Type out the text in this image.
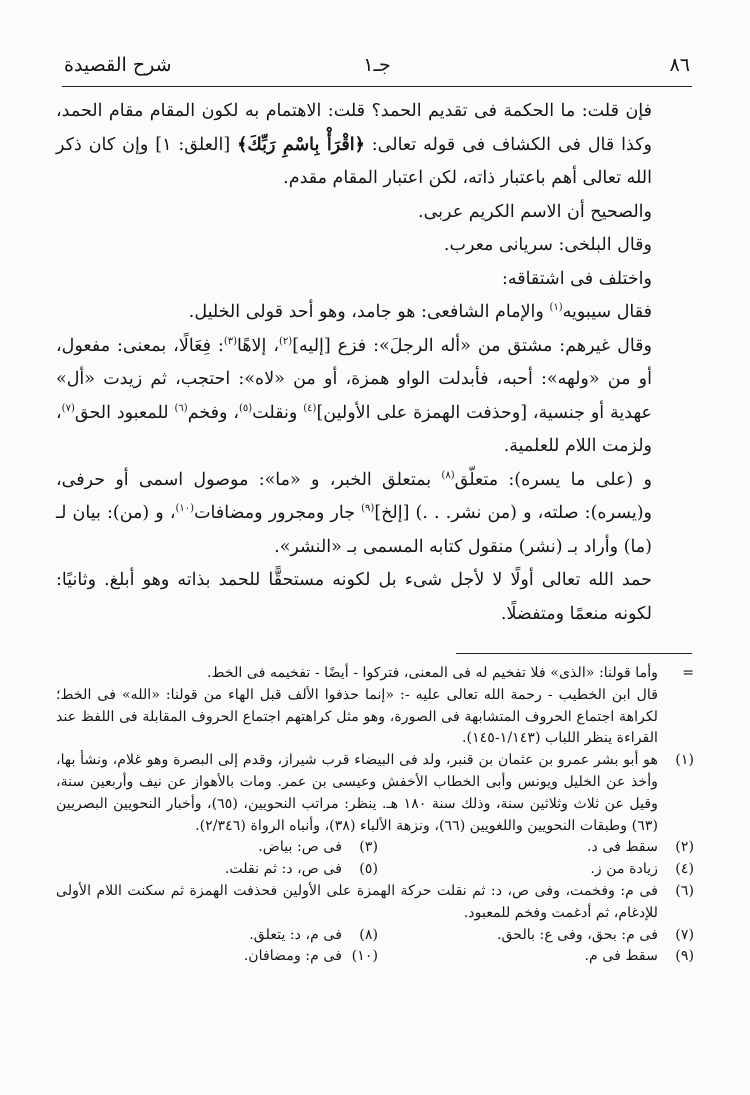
٨٦
جـ١
شرح القصيدة

فإن قلت: ما الحكمة فى تقديم الحمد؟ قلت: الاهتمام به لكون المقام مقام الحمد، وكذا قال فى الكشاف فى قوله تعالى: ﴿اقْرَأْ بِاسْمِ رَبِّكَ﴾ [العلق: ١] وإن كان ذكر الله تعالى أهم باعتبار ذاته، لكن اعتبار المقام مقدم.

والصحيح أن الاسم الكريم عربى.

وقال البلخى: سريانى معرب.

واختلف فى اشتقاقه:

فقال سيبويه$^{(١)}$ والإمام الشافعى: هو جامد، وهو أحد قولى الخليل.

وقال غيرهم: مشتق من «أله الرجلَ»: فزع [إليه]$^{(٢)}$، إلاهًا$^{(٣)}$: فِعَالًا، بمعنى: مفعول، أو من «ولهه»: أحبه، فأبدلت الواو همزة، أو من «لاه»: احتجب، ثم زيدت «أل» عهدية أو جنسية، [وحذفت الهمزة على الأولين]$^{(٤)}$ ونقلت$^{(٥)}$، وفخم$^{(٦)}$ للمعبود الحق$^{(٧)}$، ولزمت اللام للعلمية.

و (على ما يسره): متعلّق$^{(٨)}$ بمتعلق الخبر، و «ما»: موصول اسمى أو حرفى، و(يسره): صلته، و (من نشر. . .) [إلخ]$^{(٩)}$ جار ومجرور ومضافات$^{(١٠)}$، و (من): بيان لـ (ما) وأراد بـ (نشر) منقول كتابه المسمى بـ «النشر».

حمد الله تعالى أولًا لا لأجل شىء بل لكونه مستحقًّا للحمد بذاته وهو أبلغ. وثانيًا: لكونه منعمًا ومتفضلًا.

=
وأما قولنا: «الذى» فلا تفخيم له فى المعنى، فتركوا - أيضًا - تفخيمه فى الخط.
قال ابن الخطيب - رحمة الله تعالى عليه -: «إنما حذفوا الألف قبل الهاء من قولنا: «الله» فى الخط؛ لكراهة اجتماع الحروف المتشابهة فى الصورة، وهو مثل كراهتهم اجتماع الحروف المقابلة فى اللفظ عند القراءة ينظر اللباب (١/١٤٣-١٤٥).
(١)
هو أبو بشر عمرو بن عثمان بن قنبر، ولد فى البيضاء قرب شيراز، وقدم إلى البصرة وهو غلام، ونشأ بها، وأخذ عن الخليل ويونس وأبى الخطاب الأخفش وعيسى بن عمر. ومات بالأهواز عن نيف وأربعين سنة، وقيل عن ثلاث وثلاثين سنة، وذلك سنة ١٨٠ هـ. ينظر: مراتب النحويين، (٦٥)، وأخبار النحويين البصريين (٦٣) وطبقات النحويين واللغويين (٦٦)، ونزهة الألباء (٣٨)، وأنباه الرواة (٢/٣٤٦).
(٢)
سقط فى د.
(٣)
فى ص: بياض.
(٤)
زيادة من ز.
(٥)
فى ص، د: ثم نقلت.
(٦)
فى م: وفخمت، وفى ص، د: ثم نقلت حركة الهمزة على الأولين فحذفت الهمزة ثم سكنت اللام الأولى للإدغام، ثم أدغمت وفخم للمعبود.
(٧)
فى م: بحق، وفى ع: بالحق.
(٨)
فى م، د: يتعلق.
(٩)
سقط فى م.
(١٠)
فى م: ومضافان.
